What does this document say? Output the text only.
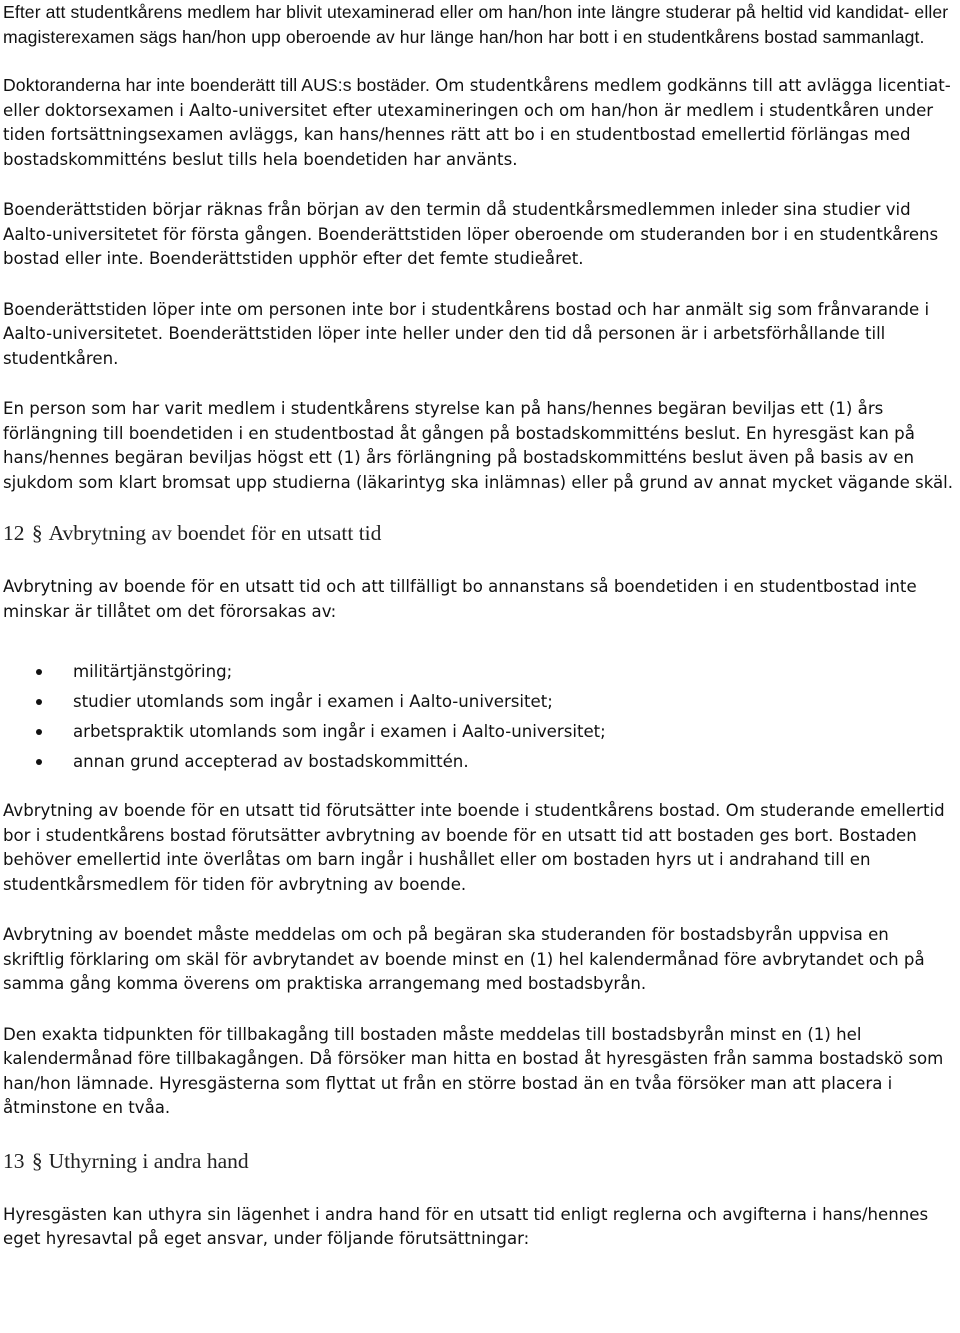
Efter att studentkårens medlem har blivit utexaminerad eller om han/hon inte längre studerar på heltid vid kandidat- eller magisterexamen sägs han/hon upp oberoende av hur länge han/hon har bott i en studentkårens bostad sammanlagt.

Doktoranderna har inte boenderätt till AUS:s bostäder. Om studentkårens medlem godkänns till att avlägga licentiat- eller doktorsexamen i Aalto-universitet efter utexamineringen och om han/hon är medlem i studentkåren under tiden fortsättningsexamen avläggs, kan hans/hennes rätt att bo i en studentbostad emellertid förlängas med bostadskommitténs beslut tills hela boendetiden har använts.

Boenderättstiden börjar räknas från början av den termin då studentkårsmedlemmen inleder sina studier vid Aalto-universitetet för första gången. Boenderättstiden löper oberoende om studeranden bor i en studentkårens bostad eller inte. Boenderättstiden upphör efter det femte studieåret.

Boenderättstiden löper inte om personen inte bor i studentkårens bostad och har anmält sig som frånvarande i Aalto-universitetet. Boenderättstiden löper inte heller under den tid då personen är i arbetsförhållande till studentkåren.

En person som har varit medlem i studentkårens styrelse kan på hans/hennes begäran beviljas ett (1) års förlängning till boendetiden i en studentbostad åt gången på bostadskommitténs beslut. En hyresgäst kan på hans/hennes begäran beviljas högst ett (1) års förlängning på bostadskommitténs beslut även på basis av en sjukdom som klart bromsat upp studierna (läkarintyg ska inlämnas) eller på grund av annat mycket vägande skäl.

12 § Avbrytning av boendet för en utsatt tid

Avbrytning av boende för en utsatt tid och att tillfälligt bo annanstans så boendetiden i en studentbostad inte minskar är tillåtet om det förorsakas av:

militärtjänstgöring;
studier utomlands som ingår i examen i Aalto-universitet;
arbetspraktik utomlands som ingår i examen i Aalto-universitet;
annan grund accepterad av bostadskommittén.

Avbrytning av boende för en utsatt tid förutsätter inte boende i studentkårens bostad. Om studerande emellertid bor i studentkårens bostad förutsätter avbrytning av boende för en utsatt tid att bostaden ges bort. Bostaden behöver emellertid inte överlåtas om barn ingår i hushållet eller om bostaden hyrs ut i andrahand till en studentkårsmedlem för tiden för avbrytning av boende.

Avbrytning av boendet måste meddelas om och på begäran ska studeranden för bostadsbyrån uppvisa en skriftlig förklaring om skäl för avbrytandet av boende minst en (1) hel kalendermånad före avbrytandet och på samma gång komma överens om praktiska arrangemang med bostadsbyrån.

Den exakta tidpunkten för tillbakagång till bostaden måste meddelas till bostadsbyrån minst en (1) hel kalendermånad före tillbakagången. Då försöker man hitta en bostad åt hyresgästen från samma bostadskö som han/hon lämnade. Hyresgästerna som flyttat ut från en större bostad än en tvåa försöker man att placera i åtminstone en tvåa.

13 § Uthyrning i andra hand

Hyresgästen kan uthyra sin lägenhet i andra hand för en utsatt tid enligt reglerna och avgifterna i hans/hennes eget hyresavtal på eget ansvar, under följande förutsättningar:
